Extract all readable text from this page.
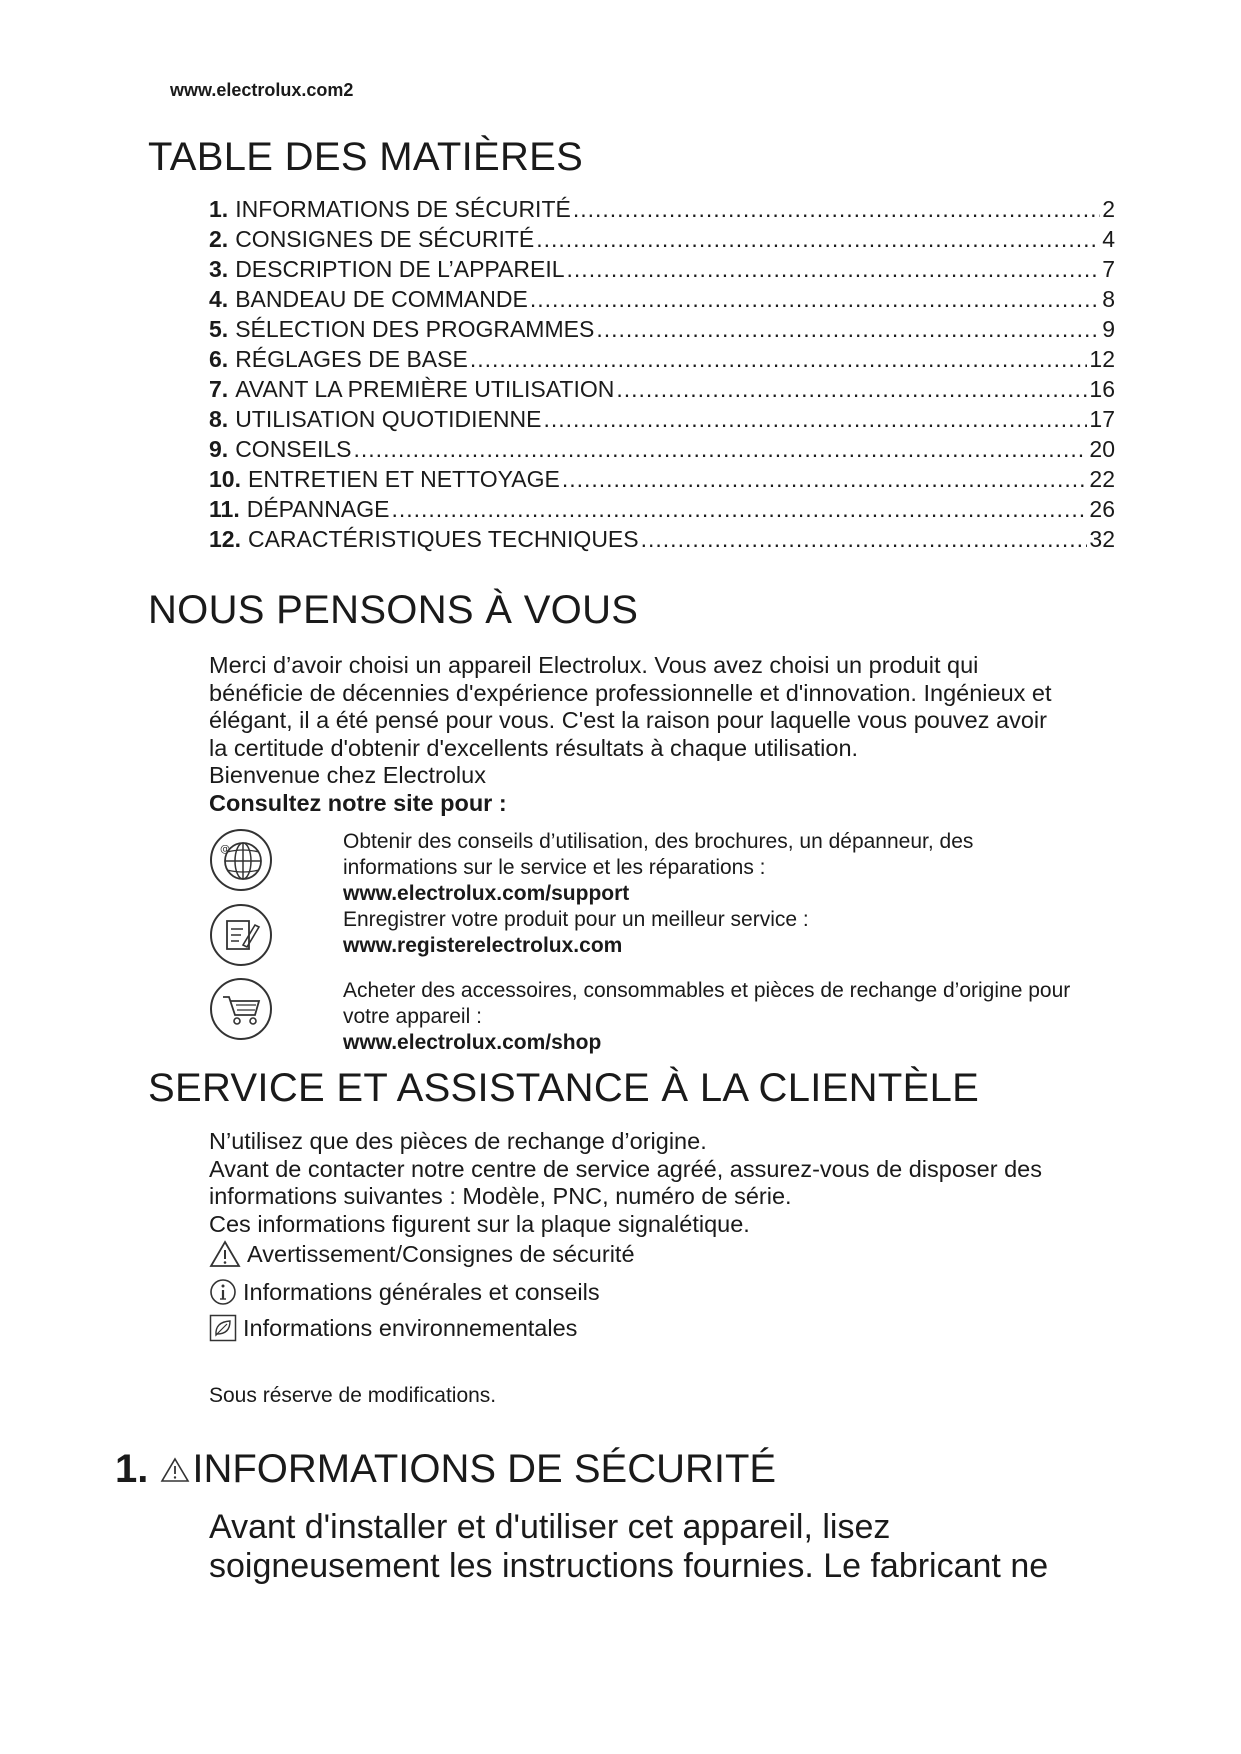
www.electrolux.com2
TABLE DES MATIÈRES
1. INFORMATIONS DE SÉCURITÉ .....	2
2. CONSIGNES DE SÉCURITÉ .....	4
3. DESCRIPTION DE L’APPAREIL .....	7
4. BANDEAU DE COMMANDE .....	8
5. SÉLECTION DES PROGRAMMES .....	9
6. RÉGLAGES DE BASE .....	12
7. AVANT LA PREMIÈRE UTILISATION .....	16
8. UTILISATION QUOTIDIENNE .....	17
9. CONSEILS .....	20
10. ENTRETIEN ET NETTOYAGE .....	22
11. DÉPANNAGE .....	26
12. CARACTÉRISTIQUES TECHNIQUES .....	32
NOUS PENSONS À VOUS
Merci d’avoir choisi un appareil Electrolux. Vous avez choisi un produit qui
bénéficie de décennies d'expérience professionnelle et d'innovation. Ingénieux et
élégant, il a été pensé pour vous. C'est la raison pour laquelle vous pouvez avoir
la certitude d'obtenir d'excellents résultats à chaque utilisation.
Bienvenue chez Electrolux
Consultez notre site pour :
@	Obtenir des conseils d’utilisation, des brochures, un dépanneur, des
informations sur le service et les réparations :
www.electrolux.com/support
Enregistrer votre produit pour un meilleur service :
www.registerelectrolux.com
Acheter des accessoires, consommables et pièces de rechange d’origine pour
votre appareil :
www.electrolux.com/shop
SERVICE ET ASSISTANCE À LA CLIENTÈLE
N’utilisez que des pièces de rechange d’origine.
Avant de contacter notre centre de service agréé, assurez-vous de disposer des
informations suivantes : Modèle, PNC, numéro de série.
Ces informations figurent sur la plaque signalétique.
Avertissement/Consignes de sécurité
Informations générales et conseils
Informations environnementales
Sous réserve de modifications.
1. INFORMATIONS DE SÉCURITÉ
Avant d'installer et d'utiliser cet appareil, lisez
soigneusement les instructions fournies. Le fabricant ne
